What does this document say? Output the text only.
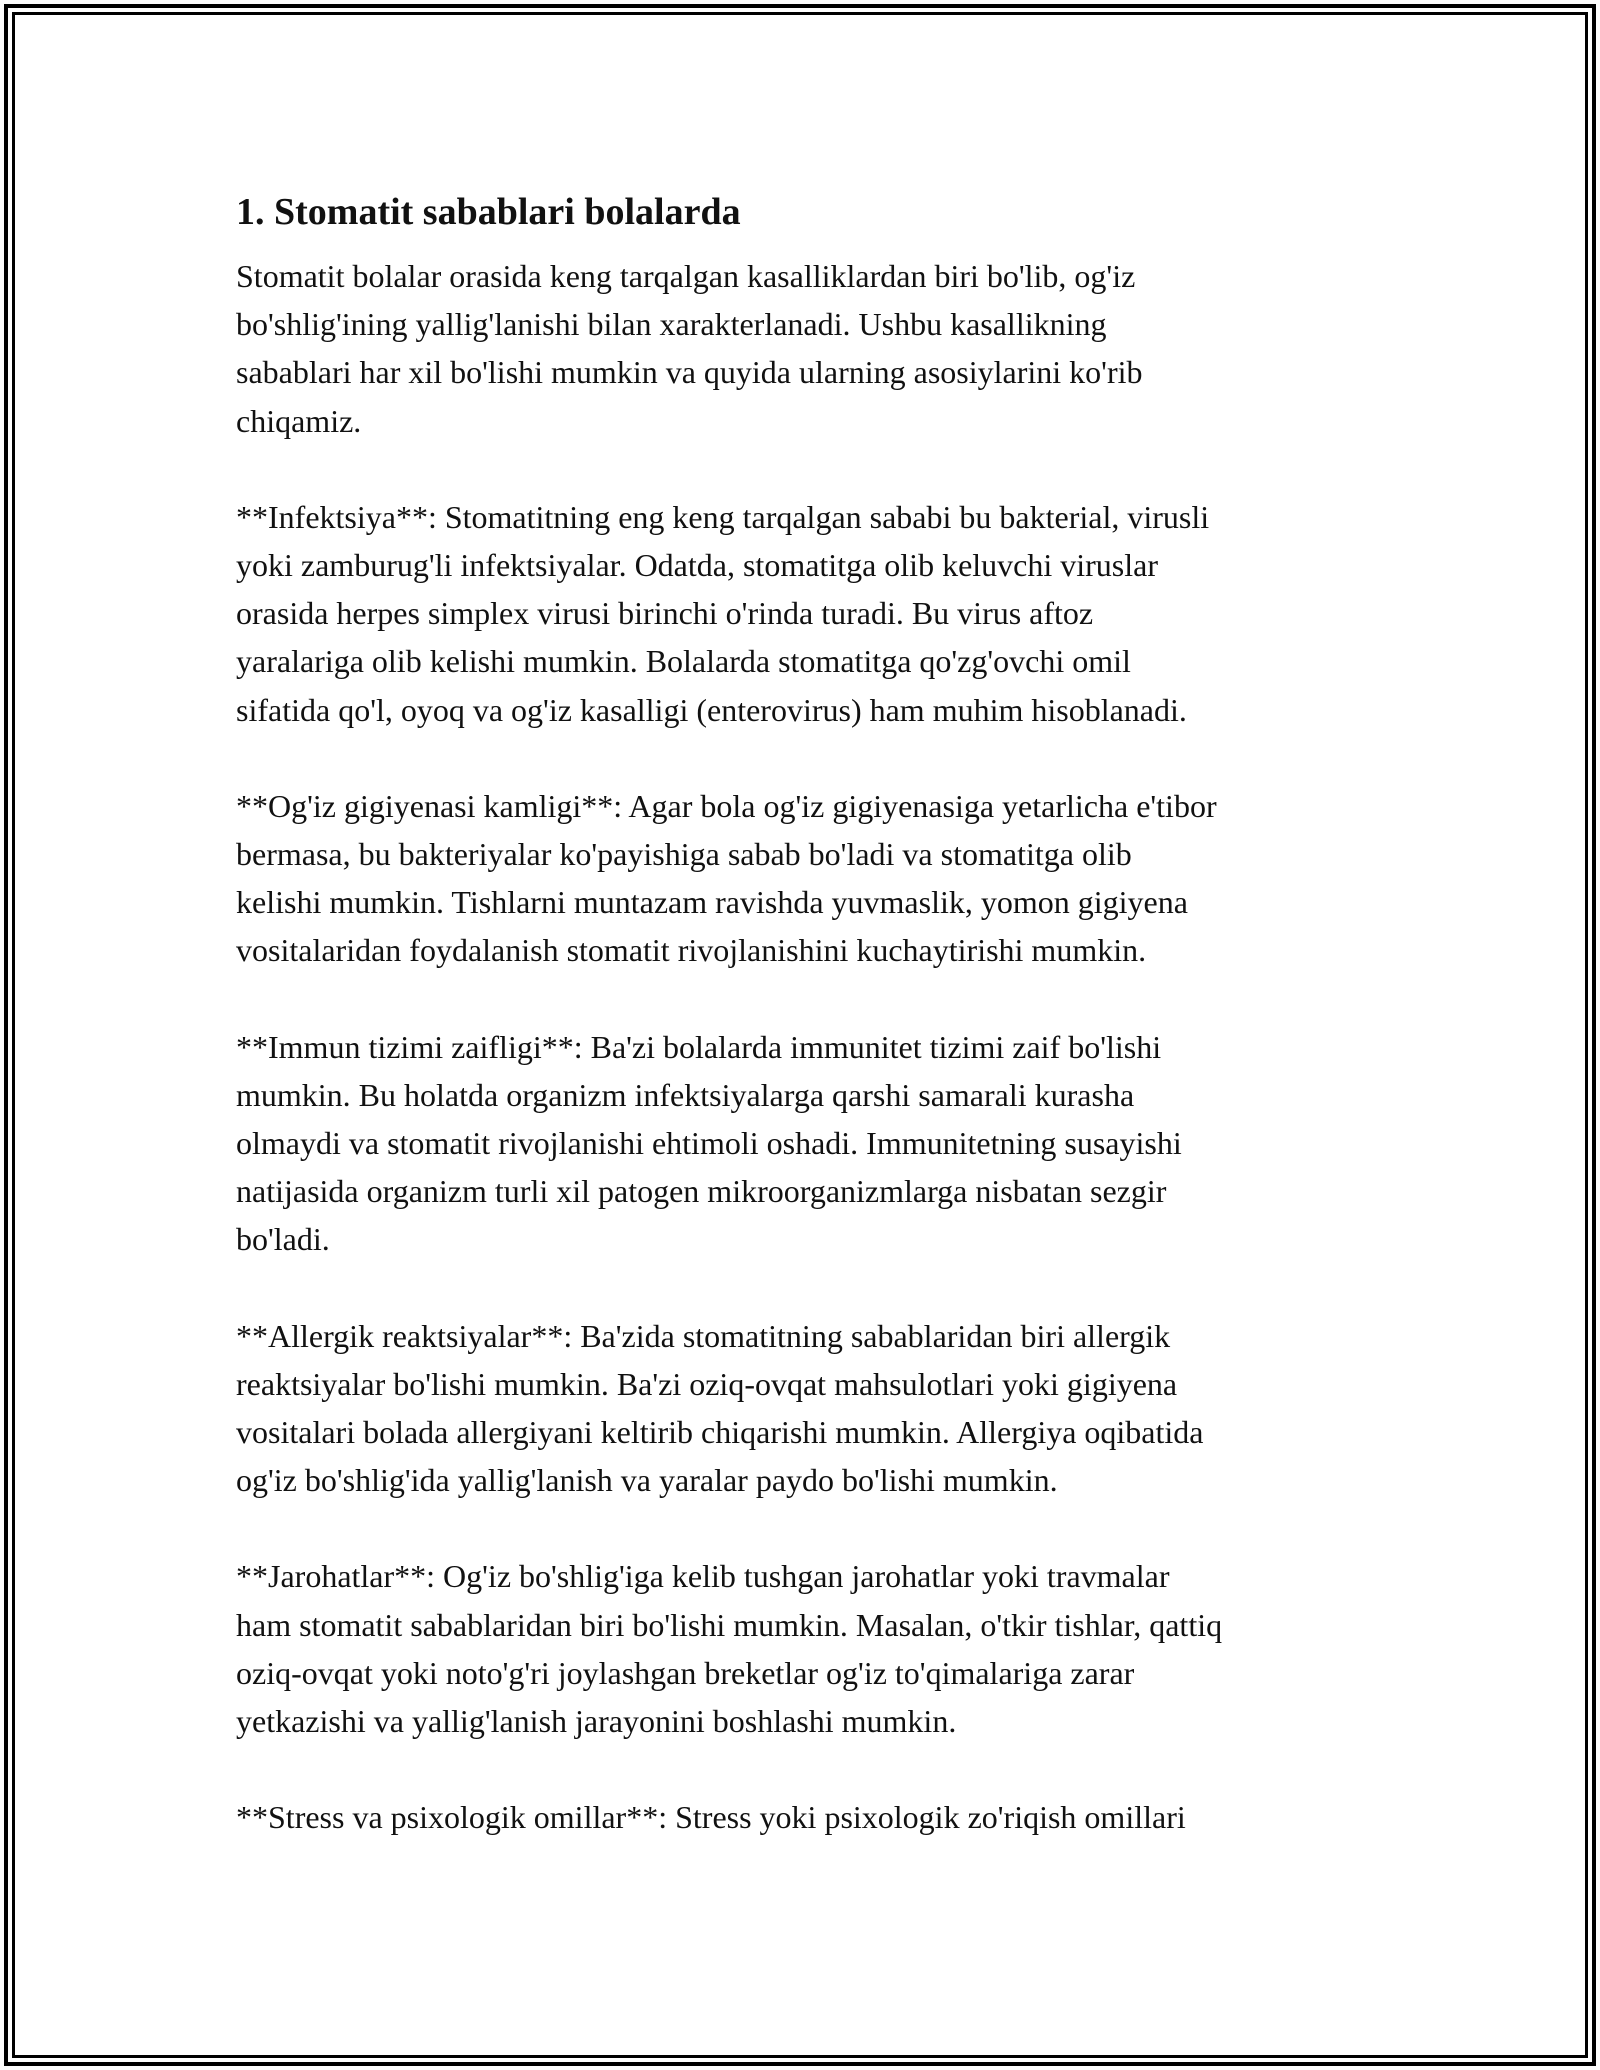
1. Stomatit sabablari bolalarda
Stomatit bolalar orasida keng tarqalgan kasalliklardan biri bo'lib, og'iz
bo'shlig'ining yallig'lanishi bilan xarakterlanadi. Ushbu kasallikning
sabablari har xil bo'lishi mumkin va quyida ularning asosiylarini ko'rib
chiqamiz.
**Infektsiya**: Stomatitning eng keng tarqalgan sababi bu bakterial, virusli
yoki zamburug'li infektsiyalar. Odatda, stomatitga olib keluvchi viruslar
orasida herpes simplex virusi birinchi o'rinda turadi. Bu virus aftoz
yaralariga olib kelishi mumkin. Bolalarda stomatitga qo'zg'ovchi omil
sifatida qo'l, oyoq va og'iz kasalligi (enterovirus) ham muhim hisoblanadi.
**Og'iz gigiyenasi kamligi**: Agar bola og'iz gigiyenasiga yetarlicha e'tibor
bermasa, bu bakteriyalar ko'payishiga sabab bo'ladi va stomatitga olib
kelishi mumkin. Tishlarni muntazam ravishda yuvmaslik, yomon gigiyena
vositalaridan foydalanish stomatit rivojlanishini kuchaytirishi mumkin.
**Immun tizimi zaifligi**: Ba'zi bolalarda immunitet tizimi zaif bo'lishi
mumkin. Bu holatda organizm infektsiyalarga qarshi samarali kurasha
olmaydi va stomatit rivojlanishi ehtimoli oshadi. Immunitetning susayishi
natijasida organizm turli xil patogen mikroorganizmlarga nisbatan sezgir
bo'ladi.
**Allergik reaktsiyalar**: Ba'zida stomatitning sabablaridan biri allergik
reaktsiyalar bo'lishi mumkin. Ba'zi oziq-ovqat mahsulotlari yoki gigiyena
vositalari bolada allergiyani keltirib chiqarishi mumkin. Allergiya oqibatida
og'iz bo'shlig'ida yallig'lanish va yaralar paydo bo'lishi mumkin.
**Jarohatlar**: Og'iz bo'shlig'iga kelib tushgan jarohatlar yoki travmalar
ham stomatit sabablaridan biri bo'lishi mumkin. Masalan, o'tkir tishlar, qattiq
oziq-ovqat yoki noto'g'ri joylashgan breketlar og'iz to'qimalariga zarar
yetkazishi va yallig'lanish jarayonini boshlashi mumkin.
**Stress va psixologik omillar**: Stress yoki psixologik zo'riqish omillari
